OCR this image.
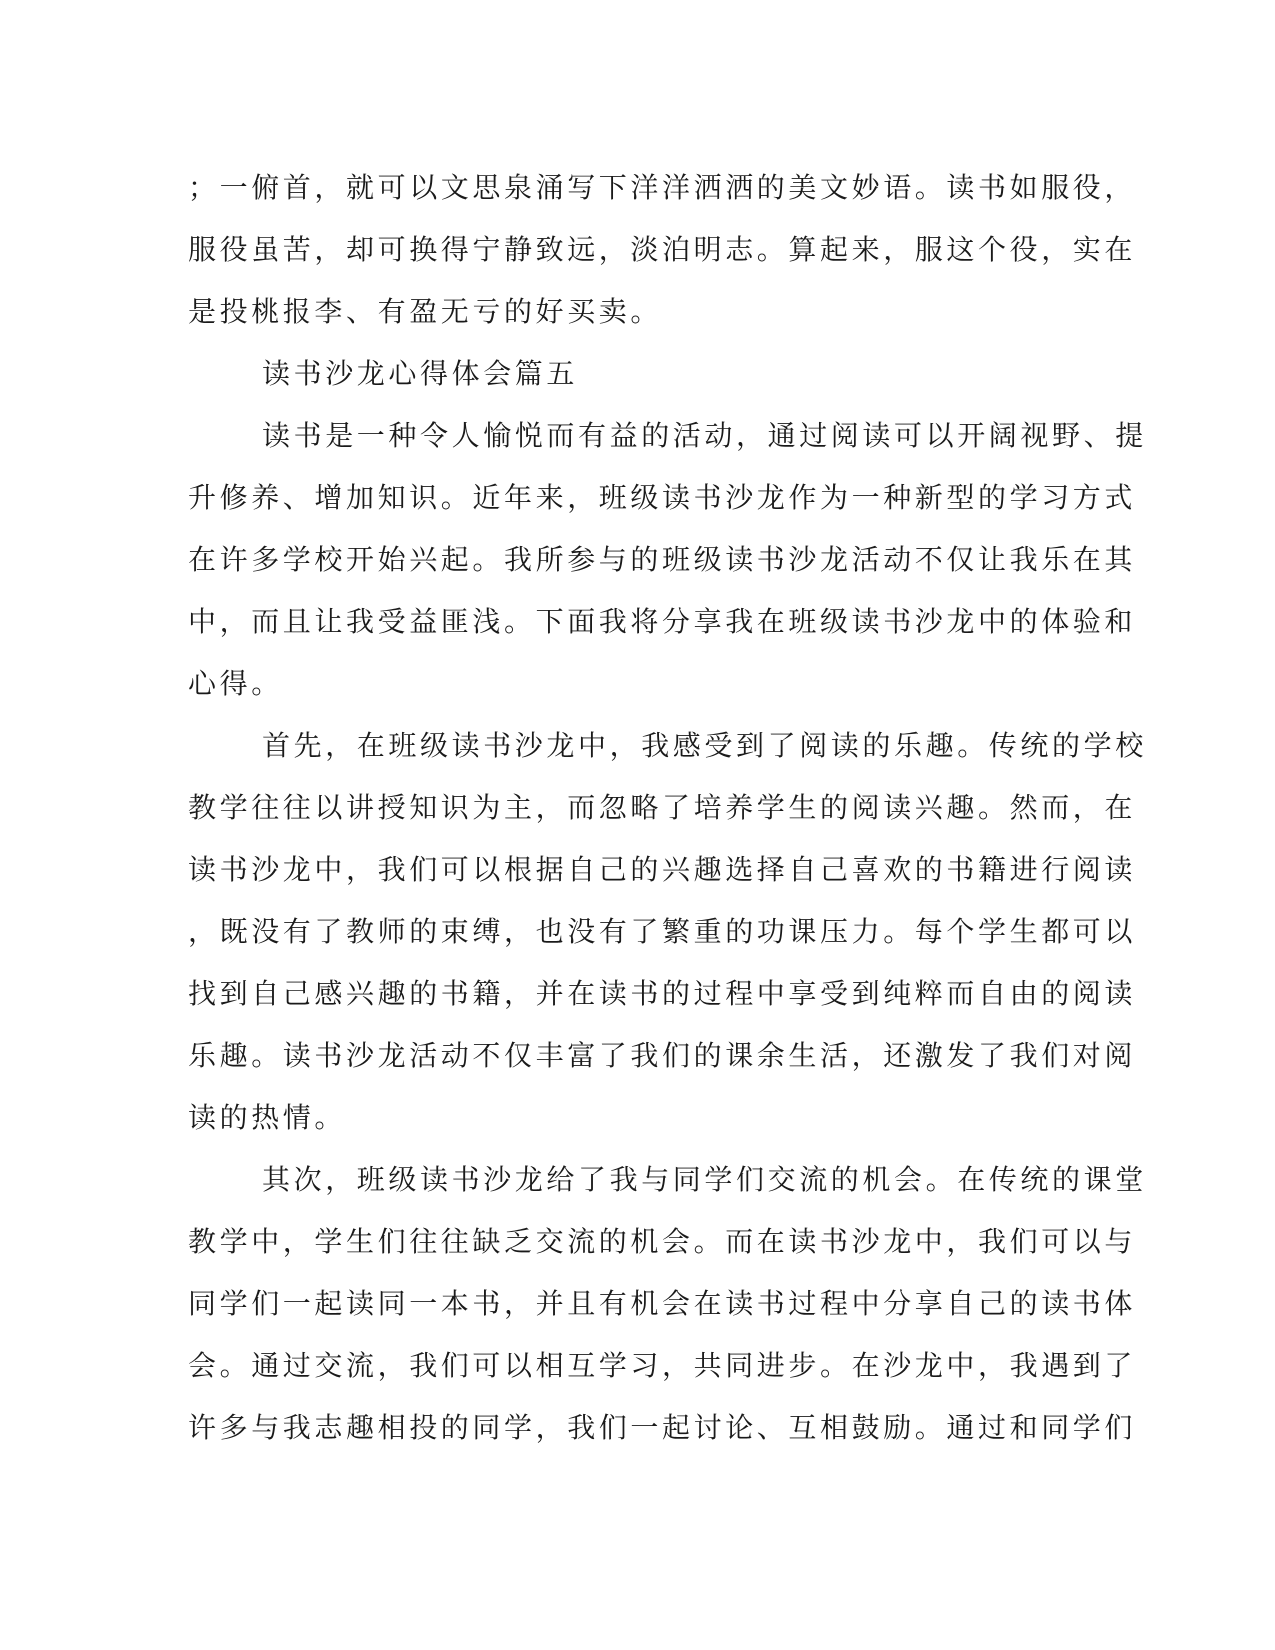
；一俯首，就可以文思泉涌写下洋洋洒洒的美文妙语。读书如服役，
服役虽苦，却可换得宁静致远，淡泊明志。算起来，服这个役，实在
是投桃报李、有盈无亏的好买卖。
读书沙龙心得体会篇五
读书是一种令人愉悦而有益的活动，通过阅读可以开阔视野、提
升修养、增加知识。近年来，班级读书沙龙作为一种新型的学习方式
在许多学校开始兴起。我所参与的班级读书沙龙活动不仅让我乐在其
中，而且让我受益匪浅。下面我将分享我在班级读书沙龙中的体验和
心得。
首先，在班级读书沙龙中，我感受到了阅读的乐趣。传统的学校
教学往往以讲授知识为主，而忽略了培养学生的阅读兴趣。然而，在
读书沙龙中，我们可以根据自己的兴趣选择自己喜欢的书籍进行阅读
，既没有了教师的束缚，也没有了繁重的功课压力。每个学生都可以
找到自己感兴趣的书籍，并在读书的过程中享受到纯粹而自由的阅读
乐趣。读书沙龙活动不仅丰富了我们的课余生活，还激发了我们对阅
读的热情。
其次，班级读书沙龙给了我与同学们交流的机会。在传统的课堂
教学中，学生们往往缺乏交流的机会。而在读书沙龙中，我们可以与
同学们一起读同一本书，并且有机会在读书过程中分享自己的读书体
会。通过交流，我们可以相互学习，共同进步。在沙龙中，我遇到了
许多与我志趣相投的同学，我们一起讨论、互相鼓励。通过和同学们
